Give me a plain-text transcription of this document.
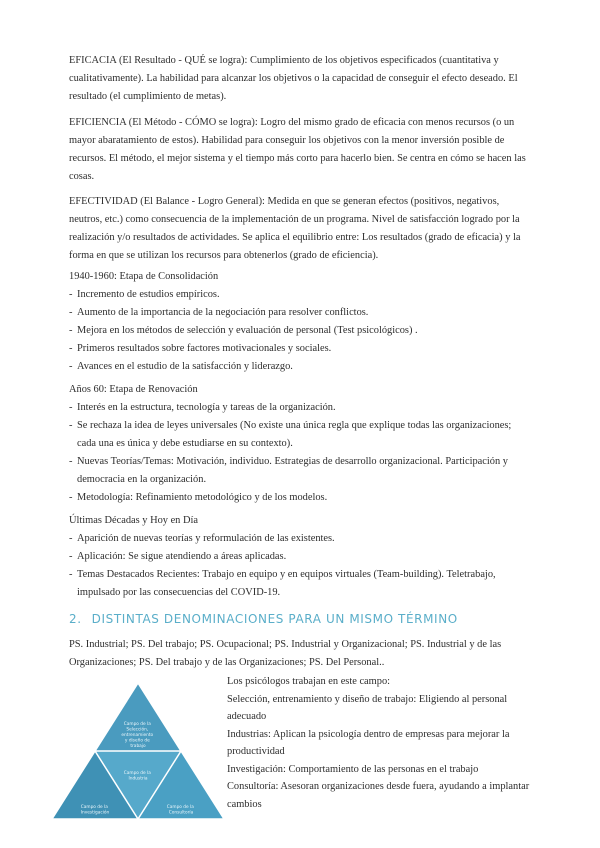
EFICACIA (El Resultado - QUÉ se logra): Cumplimiento de los objetivos especificados (cuantitativa y cualitativamente). La habilidad para alcanzar los objetivos o la capacidad de conseguir el efecto deseado. El resultado (el cumplimiento de metas).

EFICIENCIA (El Método - CÓMO se logra): Logro del mismo grado de eficacia con menos recursos (o un mayor abaratamiento de estos). Habilidad para conseguir los objetivos con la menor inversión posible de recursos. El método, el mejor sistema y el tiempo más corto para hacerlo bien. Se centra en cómo se hacen las cosas.

EFECTIVIDAD (El Balance - Logro General): Medida en que se generan efectos (positivos, negativos, neutros, etc.) como consecuencia de la implementación de un programa. Nivel de satisfacción logrado por la realización y/o resultados de actividades. Se aplica el equilibrio entre: Los resultados (grado de eficacia) y la forma en que se utilizan los recursos para obtenerlos (grado de eficiencia).

1940-1960: Etapa de Consolidación

- Incremento de estudios empíricos.
- Aumento de la importancia de la negociación para resolver conflictos.
- Mejora en los métodos de selección y evaluación de personal (Test psicológicos) .
- Primeros resultados sobre factores motivacionales y sociales.
- Avances en el estudio de la satisfacción y liderazgo.

Años 60: Etapa de Renovación

- Interés en la estructura, tecnología y tareas de la organización.
- Se rechaza la idea de leyes universales (No existe una única regla que explique todas las organizaciones; cada una es única y debe estudiarse en su contexto).
- Nuevas Teorías/Temas: Motivación, individuo. Estrategias de desarrollo organizacional. Participación y democracia en la organización.
- Metodología: Refinamiento metodológico y de los modelos.

Últimas Décadas y Hoy en Día

- Aparición de nuevas teorías y reformulación de las existentes.
- Aplicación: Se sigue atendiendo a áreas aplicadas.
- Temas Destacados Recientes: Trabajo en equipo y en equipos virtuales (Team-building). Teletrabajo, impulsado por las consecuencias del COVID-19.
2. DISTINTAS DENOMINACIONES PARA UN MISMO TÉRMINO

PS. Industrial; PS. Del trabajo; PS. Ocupacional; PS. Industrial y Organizacional; PS. Industrial y de las Organizaciones; PS. Del trabajo y de las Organizaciones; PS. Del Personal..

Campo de la Selección, entrenamiento y diseño de trabajo
Campo de la Industria
Campo de la Investigación
Campo de la Consultoría

Los psicólogos trabajan en este campo:

Selección, entrenamiento y diseño de trabajo: Eligiendo al personal adecuado

Industrias: Aplican la psicología dentro de empresas para mejorar la productividad

Investigación: Comportamiento de las personas en el trabajo

Consultoría: Asesoran organizaciones desde fuera, ayudando a implantar cambios
